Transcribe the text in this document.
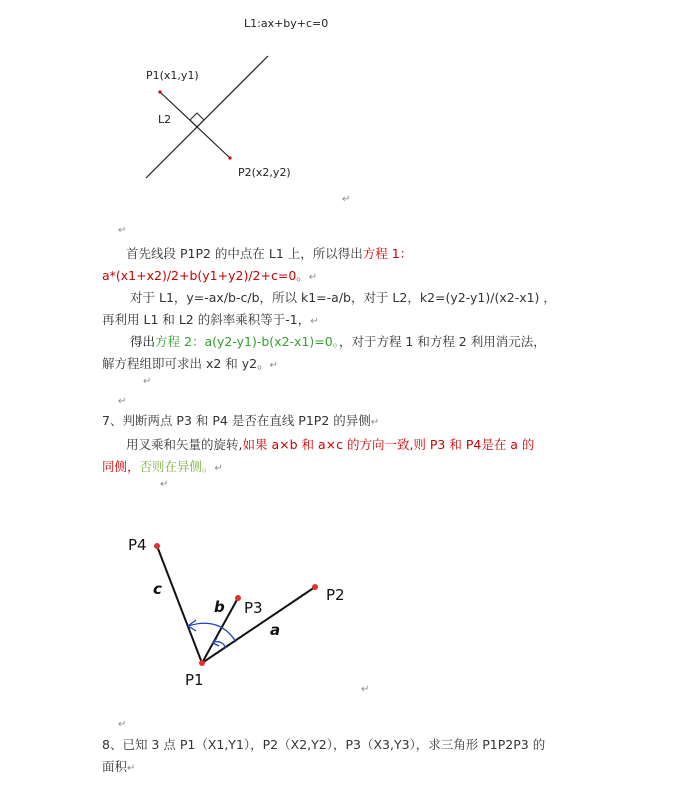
L1:ax+by+c=0
P1(x1,y1)
L2
P2(x2,y2)
↵
↵
首先线段 P1P2 的中点在 L1 上，所以得出方程 1：
a*(x1+x2)/2+b(y1+y2)/2+c=0。↵
对于 L1，y=-ax/b-c/b，所以 k1=-a/b，对于 L2，k2=(y2-y1)/(x2-x1) ，
再利用 L1 和 L2 的斜率乘积等于-1，↵
得出方程 2：a(y2-y1)-b(x2-x1)=0。，对于方程 1 和方程 2 利用消元法，
解方程组即可求出 x2 和 y2。↵
↵
↵
7、判断两点 P3 和 P4 是否在直线 P1P2 的异侧↵
用叉乘和矢量的旋转,如果 a×b 和 a×c 的方向一致,则 P3 和 P4是在 a 的
同侧，否则在异侧。↵
↵
P4
P3
P2
P1
c
b
a
↵
↵
8、已知 3 点 P1（X1,Y1），P2（X2,Y2），P3（X3,Y3），求三角形 P1P2P3 的
面积↵
